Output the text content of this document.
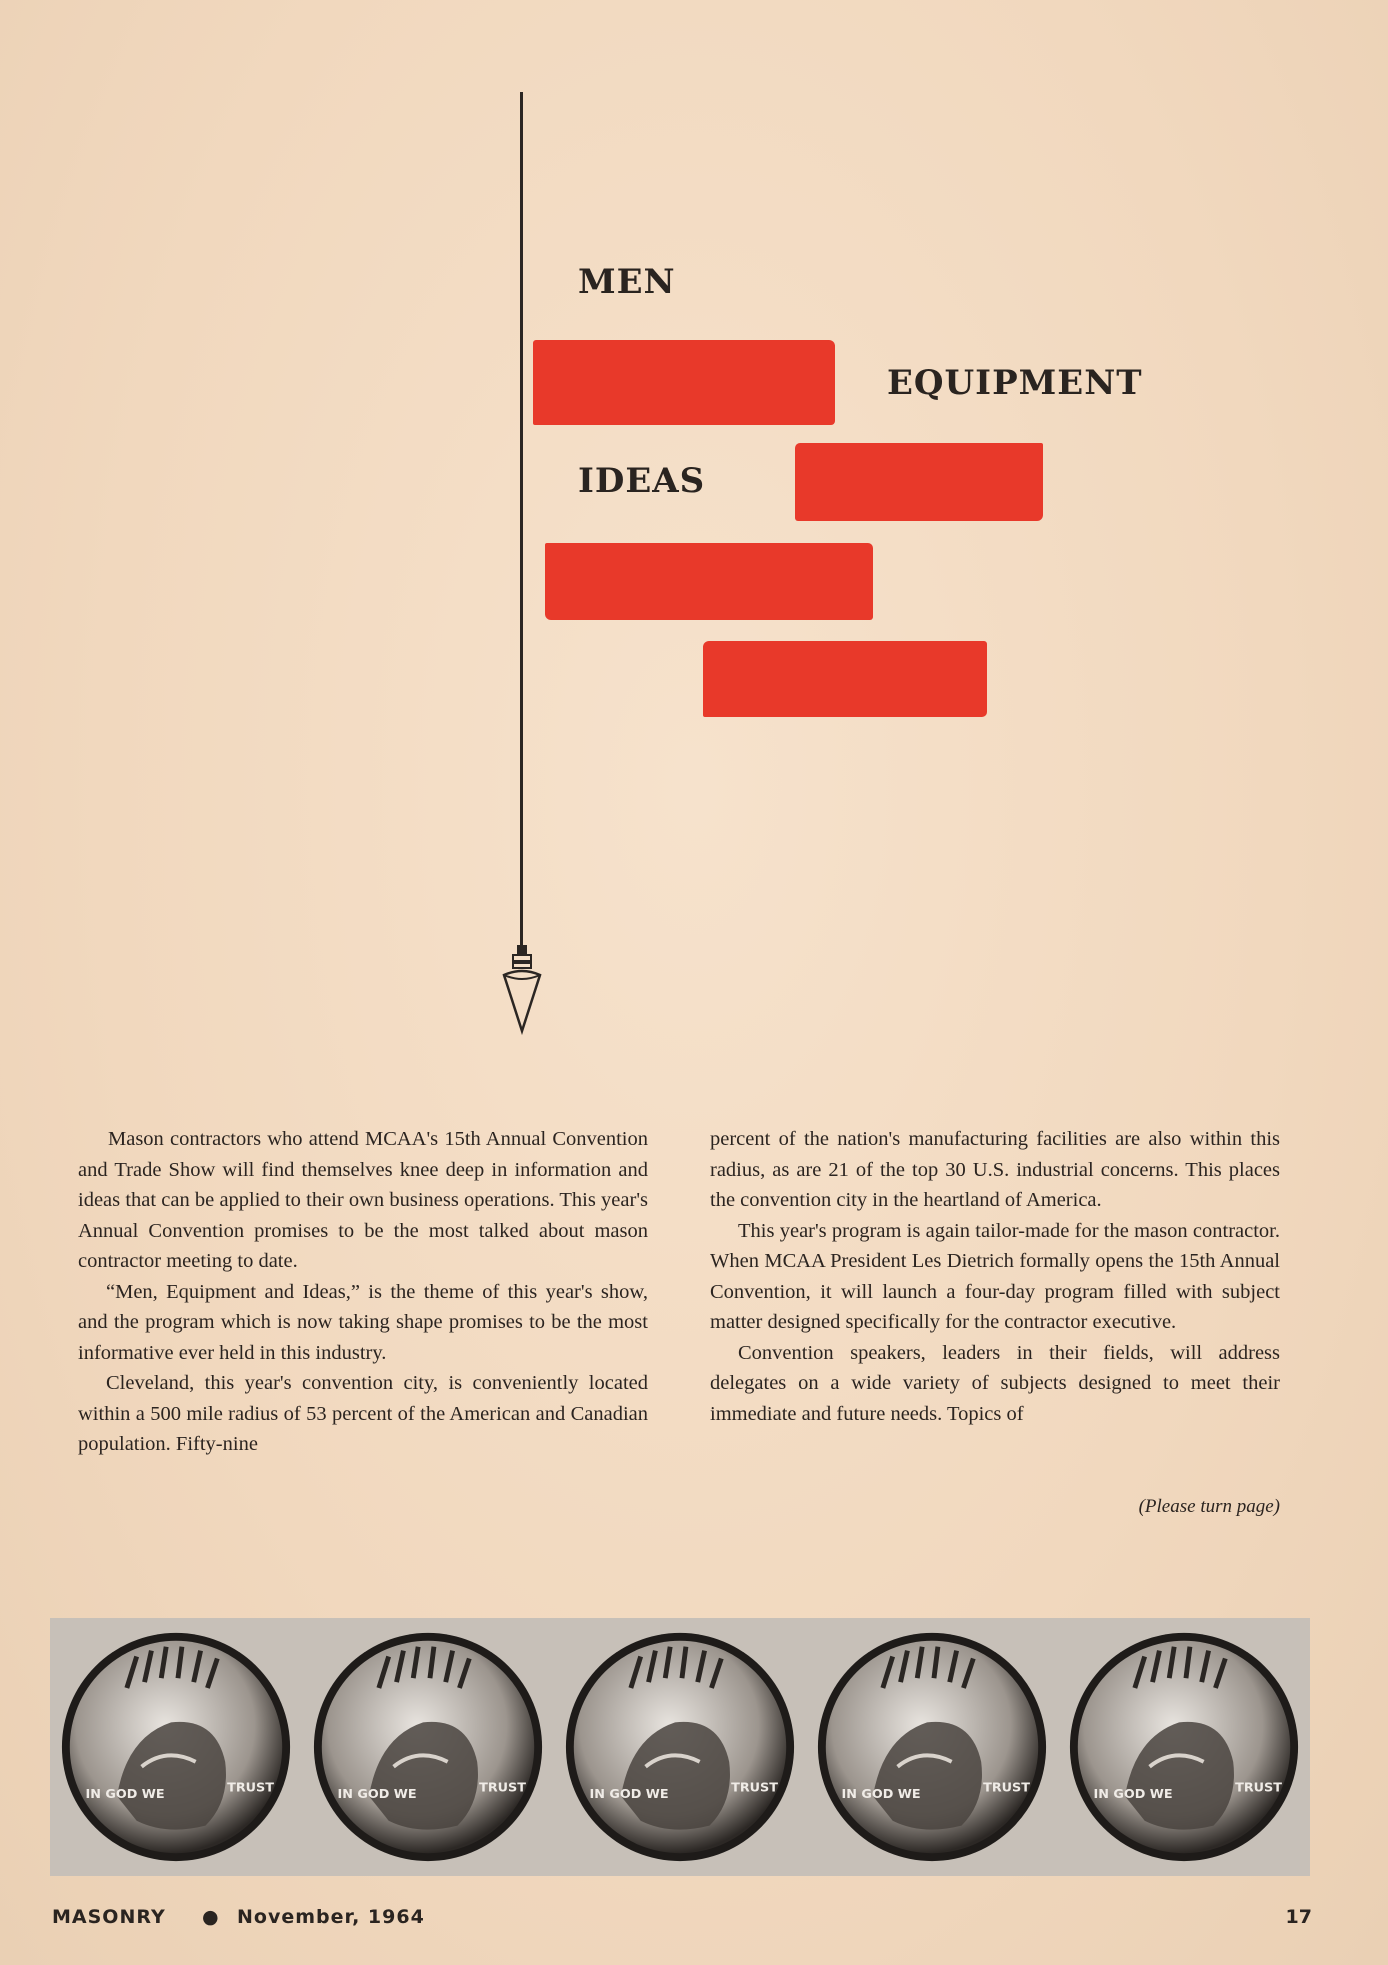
MEN
EQUIPMENT
IDEAS

Mason contractors who attend MCAA's 15th Annual Convention and Trade Show will find themselves knee deep in information and ideas that can be applied to their own business operations. This year's Annual Convention promises to be the most talked about mason contractor meeting to date.

“Men, Equipment and Ideas,” is the theme of this year's show, and the program which is now taking shape promises to be the most informative ever held in this industry.

Cleveland, this year's convention city, is conveniently located within a 500 mile radius of 53 percent of the American and Canadian population. Fifty-nine

percent of the nation's manufacturing facilities are also within this radius, as are 21 of the top 30 U.S. industrial concerns. This places the convention city in the heartland of America.

This year's program is again tailor-made for the mason contractor. When MCAA President Les Dietrich formally opens the 15th Annual Convention, it will launch a four-day program filled with subject matter designed specifically for the contractor executive.

Convention speakers, leaders in their fields, will address delegates on a wide variety of subjects designed to meet their immediate and future needs. Topics of

(Please turn page)
IN GOD WE	TRUST	IN GOD WE	TRUST	IN GOD WE	TRUST	IN GOD WE	TRUST	IN GOD WE	TRUST
MASONRY ● November, 1964	17
